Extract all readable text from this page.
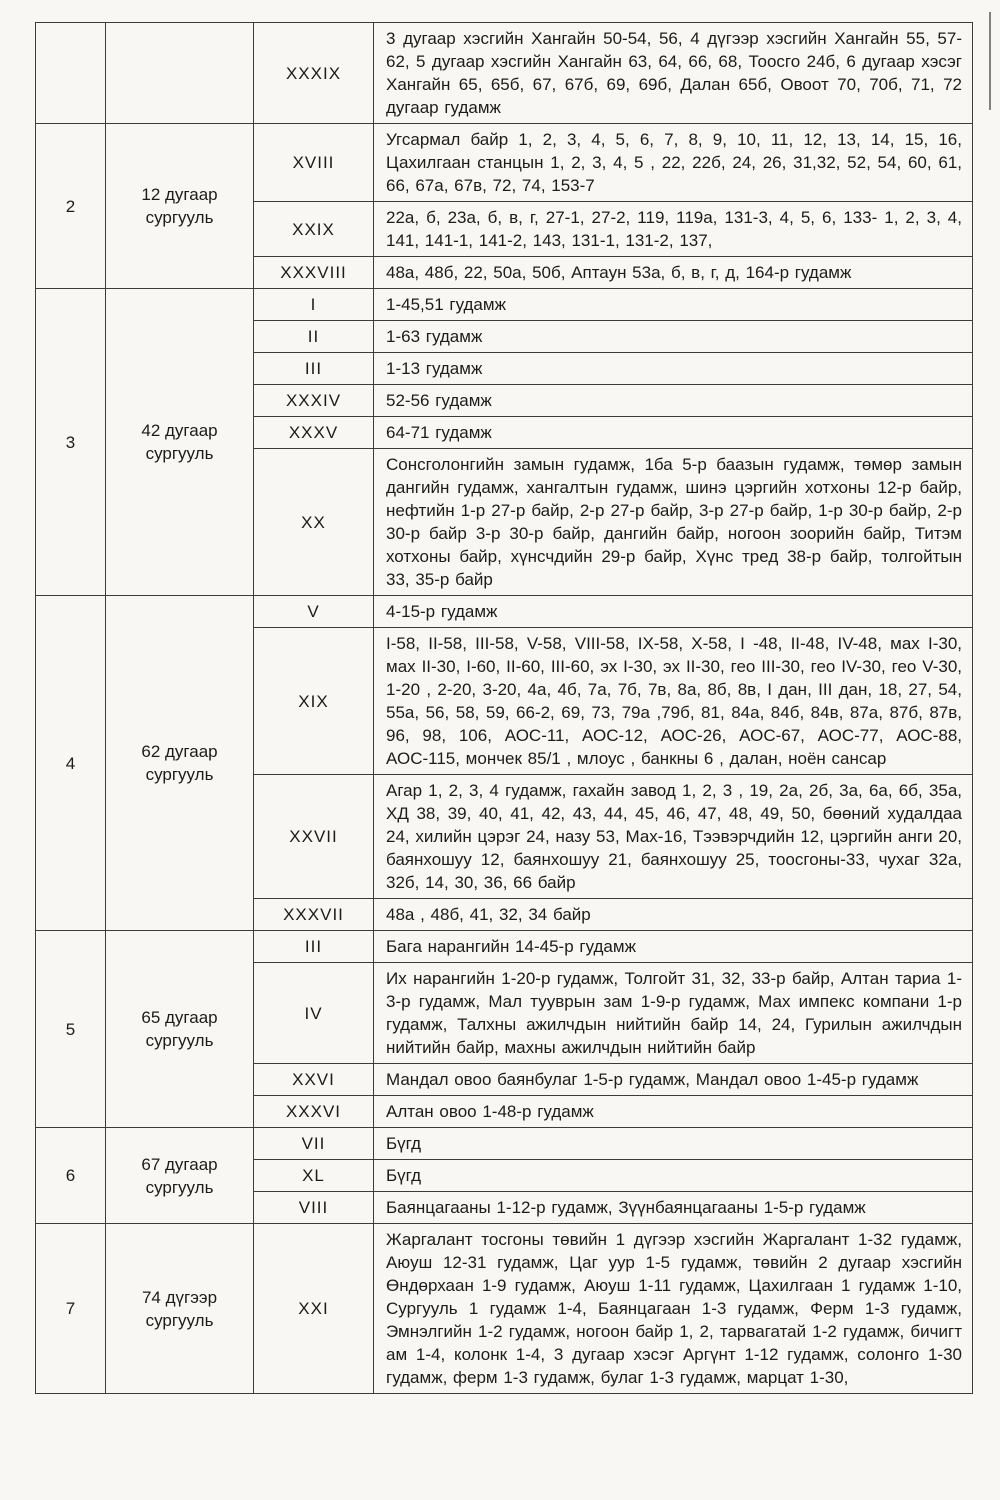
		XXXIX	3 дугаар хэсгийн Хангайн 50-54, 56, 4 дүгээр хэсгийн Хангайн 55, 57-62, 5 дугаар хэсгийн Хангайн 63, 64, 66, 68, Тоосго 24б, 6 дугаар хэсэг Хангайн 65, 65б, 67, 67б, 69, 69б, Далан 65б, Овоот 70, 70б, 71, 72 дугаар гудамж
2	12 дугаар сургууль	XVIII	Угсармал байр 1, 2, 3, 4, 5, 6, 7, 8, 9, 10, 11, 12, 13, 14, 15, 16, Цахилгаан станцын 1, 2, 3, 4, 5 , 22, 22б, 24, 26, 31,32, 52, 54, 60, 61, 66, 67а, 67в, 72, 74, 153-7
		XXIX	22а, б, 23а, б, в, г, 27-1, 27-2, 119, 119а, 131-3, 4, 5, 6, 133- 1, 2, 3, 4, 141, 141-1, 141-2, 143, 131-1, 131-2, 137,
		XXXVIII	48а, 48б, 22, 50а, 50б, Аптаун 53а, б, в, г, д, 164-р гудамж
3	42 дугаар сургууль	I	1-45,51 гудамж
		II	1-63 гудамж
		III	1-13 гудамж
		XXXIV	52-56 гудамж
		XXXV	64-71 гудамж
		XX	Сонсголонгийн замын гудамж, 1ба 5-р баазын гудамж, төмөр замын дангийн гудамж, хангалтын гудамж, шинэ цэргийн хотхоны 12-р байр, нефтийн 1-р 27-р байр, 2-р 27-р байр, 3-р 27-р байр, 1-р 30-р байр, 2-р 30-р байр 3-р 30-р байр, дангийн байр, ногоон зоорийн байр, Титэм хотхоны байр, хүнсчдийн 29-р байр, Хүнс тред 38-р байр, толгойтын 33, 35-р байр
4	62 дугаар сургууль	V	4-15-р гудамж
		XIX	I-58, II-58, III-58, V-58, VIII-58, IX-58, X-58, I -48, II-48, IV-48, мах I-30, мах II-30, I-60, II-60, III-60, эх I-30, эх II-30, гео III-30, гео IV-30, гео V-30, 1-20 , 2-20, 3-20, 4а, 4б, 7а, 7б, 7в, 8а, 8б, 8в, I дан, III дан, 18, 27, 54, 55а, 56, 58, 59, 66-2, 69, 73, 79а ,79б, 81, 84а, 84б, 84в, 87а, 87б, 87в, 96, 98, 106, АОС-11, АОС-12, АОС-26, АОС-67, АОС-77, АОС-88, АОС-115, мончек 85/1 , млоус , банкны 6 , далан, ноён сансар
		XXVII	Агар 1, 2, 3, 4 гудамж, гахайн завод 1, 2, 3 , 19, 2а, 2б, 3а, 6а, 6б, 35а, ХД 38, 39, 40, 41, 42, 43, 44, 45, 46, 47, 48, 49, 50, бөөний худалдаа 24, хилийн цэрэг 24, назу 53, Мах-16, Тээвэрчдийн 12, цэргийн анги 20, баянхошуу 12, баянхошуу 21, баянхошуу 25, тоосгоны-33, чухаг 32а, 32б, 14, 30, 36, 66 байр
		XXXVII	48а , 48б, 41, 32, 34 байр
5	65 дугаар сургууль	III	Бага нарангийн 14-45-р гудамж
		IV	Их нарангийн 1-20-р гудамж, Толгойт 31, 32, 33-р байр, Алтан тариа 1-3-р гудамж, Мал тууврын зам 1-9-р гудамж, Мах импекс компани 1-р гудамж, Талхны ажилчдын нийтийн байр 14, 24, Гурилын ажилчдын нийтийн байр, махны ажилчдын нийтийн байр
		XXVI	Мандал овоо баянбулаг 1-5-р гудамж, Мандал овоо 1-45-р гудамж
		XXXVI	Алтан овоо 1-48-р гудамж
6	67 дугаар сургууль	VII	Бүгд
		XL	Бүгд
		VIII	Баянцагааны 1-12-р гудамж, Зүүнбаянцагааны 1-5-р гудамж
7	74 дүгээр сургууль	XXI	Жаргалант тосгоны төвийн 1 дүгээр хэсгийн Жаргалант 1-32 гудамж, Аюуш 12-31 гудамж, Цаг уур 1-5 гудамж, төвийн 2 дугаар хэсгийн Өндөрхаан 1-9 гудамж, Аюуш 1-11 гудамж, Цахилгаан 1 гудамж 1-10, Сургууль 1 гудамж 1-4, Баянцагаан 1-3 гудамж, Ферм 1-3 гудамж, Эмнэлгийн 1-2 гудамж, ногоон байр 1, 2, тарвагатай 1-2 гудамж, бичигт ам 1-4, колонк 1-4, 3 дугаар хэсэг Аргүнт 1-12 гудамж, солонго 1-30 гудамж, ферм 1-3 гудамж, булаг 1-3 гудамж, марцат 1-30,
